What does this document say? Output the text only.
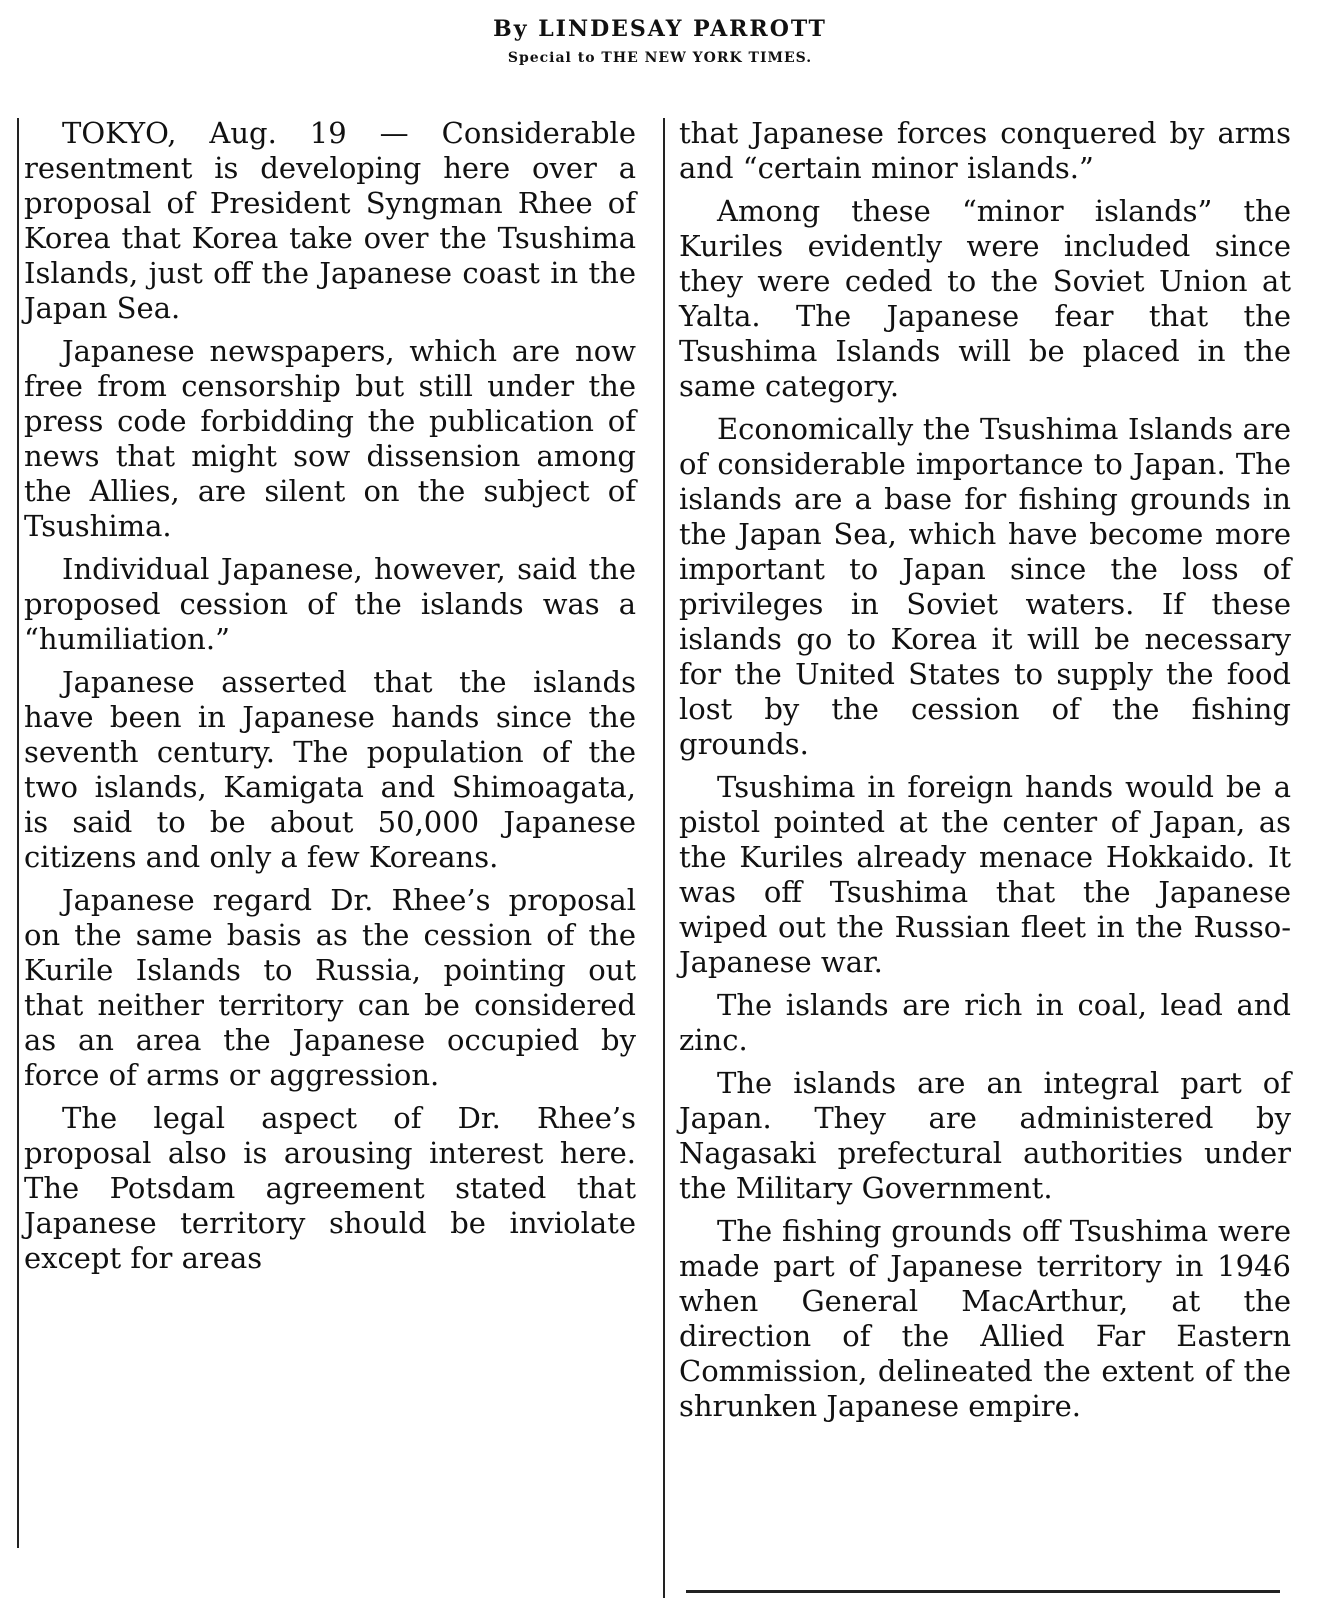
By LINDESAY PARROTT
Special to THE NEW YORK TIMES.

TOKYO, Aug. 19 — Considerable resentment is developing here over a proposal of President Syngman Rhee of Korea that Korea take over the Tsushima Islands, just off the Japanese coast in the Japan Sea.

Japanese newspapers, which are now free from censorship but still under the press code forbidding the publication of news that might sow dissension among the Allies, are silent on the subject of Tsushima.

Individual Japanese, however, said the proposed cession of the islands was a “humiliation.”

Japanese asserted that the islands have been in Japanese hands since the seventh century. The population of the two islands, Kamigata and Shimoagata, is said to be about 50,000 Japanese citizens and only a few Koreans.

Japanese regard Dr. Rhee’s proposal on the same basis as the cession of the Kurile Islands to Russia, pointing out that neither territory can be considered as an area the Japanese occupied by force of arms or aggression.

The legal aspect of Dr. Rhee’s proposal also is arousing interest here. The Potsdam agreement stated that Japanese territory should be inviolate except for areas

that Japanese forces conquered by arms and “certain minor islands.”

Among these “minor islands” the Kuriles evidently were included since they were ceded to the Soviet Union at Yalta. The Japanese fear that the Tsushima Islands will be placed in the same category.

Economically the Tsushima Islands are of considerable importance to Japan. The islands are a base for fishing grounds in the Japan Sea, which have become more important to Japan since the loss of privileges in Soviet waters. If these islands go to Korea it will be necessary for the United States to supply the food lost by the cession of the fishing grounds.

Tsushima in foreign hands would be a pistol pointed at the center of Japan, as the Kuriles already menace Hokkaido. It was off Tsushima that the Japanese wiped out the Russian fleet in the Russo-Japanese war.

The islands are rich in coal, lead and zinc.

The islands are an integral part of Japan. They are administered by Nagasaki prefectural authorities under the Military Government.

The fishing grounds off Tsushima were made part of Japanese territory in 1946 when General MacArthur, at the direction of the Allied Far Eastern Commission, delineated the extent of the shrunken Japanese empire.
